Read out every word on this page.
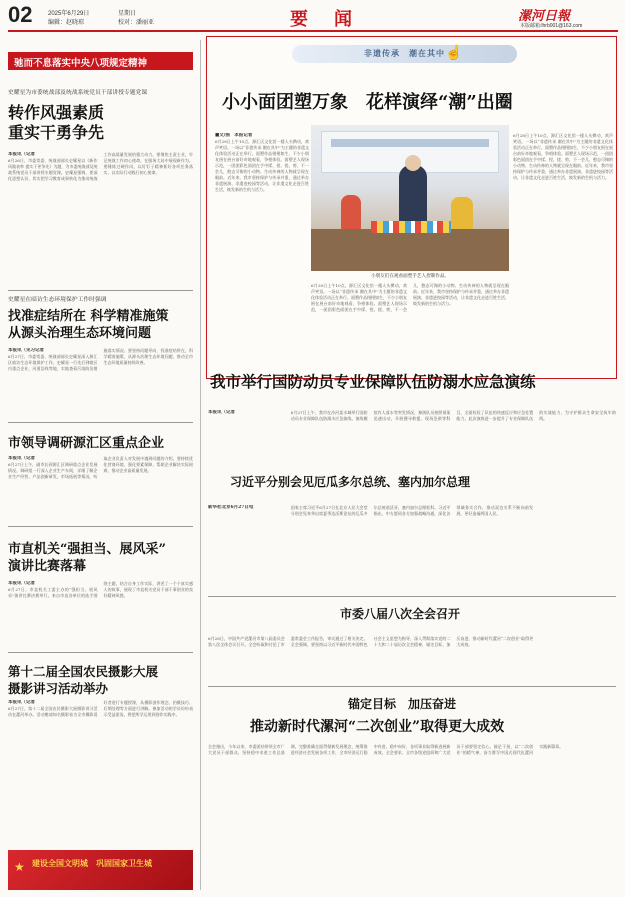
02	2025年6月29日	星期日
编辑：赵晓琼	校对：潘丽亚	要　闻	漯河日報
本版邮箱:lhrb001@163.com
驰而不息落实中央八项规定精神
史耀星为市委统战部及统战系统党员干部讲授专题党课
转作风强素质
重实干勇争先
本报讯（记者
6月26日，市委常委、统战部部长史耀星以《新作风做表率 提实干更争先》为题，为市委统战部及统战系统党员干部讲授专题党课。史耀星强调，要深化思想认识，切实把学习教育成果转化为推动统战工作高质量发展的强大动力。要聚焦主责主业，牢记统战工作初心使命，在服务大局中展现新作为。要锤炼过硬作风，以钉钉子精神抓好各项任务落实，以实际行动践行初心使命。
史耀星在暗访生态环境保护工作时强调
找准症结所在 科学精准施策
从源头治理生态环境问题
本报讯（见习记者
6月27日，市委常委、统战部部长史耀星深入源汇区暗访生态环境保护工作。史耀星一行先后到辖区内重点企业、河道沿线等地，实地查看污染防治措施落实情况。要坚持问题导向，找准症结所在，科学精准施策，从源头治理生态环境问题，推动全市生态环境质量持续改善。
市领导调研源汇区重点企业
本报讯（记者
6月27日上午，副市长到源汇区调研重点企业发展情况。调研组一行深入企业生产车间，详细了解企业生产经营、产品创新研发、市场拓展等情况，听取企业负责人对发展中遇到问题的介绍。要持续优化营商环境，强化要素保障，帮助企业解决实际困难，推动企业高质量发展。
市直机关“强担当、展风采”
演讲比赛落幕
本报讯（记者
6月27日，市直机关工委主办的“强担当、展风采”演讲比赛决赛举行。来自市直各单位的选手围绕主题，结合自身工作实际，讲述了一个个真实感人的故事，展现了市直机关党员干部干事创业的良好精神风貌。
第十二届全国农民摄影大展
摄影讲习活动举办
本报讯（记者
6月27日，第十二届全国农民摄影大展摄影讲习活动在漯河举办。活动邀请知名摄影家为全市摄影爱好者进行专题授课，从摄影创作理念、拍摄技巧、后期处理等方面进行讲解。参加活动的学员纷纷表示受益匪浅，将把所学运用到创作实践中。
建设全国文明城　巩固国家卫生城
★
非遗传承　潮在其中 ☝
小小面团塑万象　花样演绎“潮”出圈
■文/图　本报记者
6月28日上午10点，源汇区文化馆一楼人头攒动，欢声笑语。一场以“非遗传承 潮在其中”为主题的非遗文化体验活动正在举行。面塑作品栩栩如生，不少小朋友围在展台前好奇地观看，争相体验。面塑艺人现场示范，一团团彩色面团在手中揉、捏、搓、剪，不一会儿，憨态可掬的小动物、生动传神的人物就呈现在眼前。近年来，我市坚持保护与传承并重，通过举办非遗展演、非遗进校园等活动，让非遗文化走进百姓生活，焕发新的生机与活力。
小朋友们在观看面塑手艺人捏制作品。
6月28日上午10点，源汇区文化馆一楼人头攒动，欢声笑语。一场以“非遗传承 潮在其中”为主题的非遗文化体验活动正在举行。面塑作品栩栩如生，不少小朋友围在展台前好奇地观看，争相体验。面塑艺人现场示范，一团团彩色面团在手中揉、捏、搓、剪，不一会儿，憨态可掬的小动物、生动传神的人物就呈现在眼前。近年来，我市坚持保护与传承并重，通过举办非遗展演、非遗进校园等活动，让非遗文化走进百姓生活，焕发新的生机与活力。
6月28日上午10点，源汇区文化馆一楼人头攒动，欢声笑语。一场以“非遗传承 潮在其中”为主题的非遗文化体验活动正在举行。面塑作品栩栩如生，不少小朋友围在展台前好奇地观看，争相体验。面塑艺人现场示范，一团团彩色面团在手中揉、捏、搓、剪，不一会儿，憨态可掬的小动物、生动传神的人物就呈现在眼前。近年来，我市坚持保护与传承并重，通过举办非遗展演、非遗进校园等活动，让非遗文化走进百姓生活，焕发新的生机与活力。
我市举行国防动员专业保障队伍防溺水应急演练
本报讯（记者	6月27日上午，我市在沙河某水域举行国防动员专业保障队伍防溺水应急演练。演练模拟有人落水等突发情况，参演队员按照预案迅速出动，开展搜寻救援、现场急救等科目，全面检验了队伍的快速反应和应急处置能力。此次演练进一步提升了专业保障队伍的实战能力，为守护群众生命安全筑牢防线。
习近平分别会见厄瓜多尔总统、塞内加尔总理
新华社北京6月27日电	国家主席习近平6月27日在北京人民大会堂分别会见来华出席夏季达沃斯论坛的厄瓜多尔总统诺沃亚、塞内加尔总理松科。习近平指出，中方愿同各方加强战略沟通，深化各领域务实合作，推动双边关系不断向前发展，更好造福两国人民。
市委八届八次全会召开
6月28日，中国共产党漯河市第八届委员会第八次全体会议召开。全会听取和讨论了市委常委会工作报告，审议通过了相关决定。全会强调，要坚持以习近平新时代中国特色社会主义思想为指导，深入贯彻落实党的二十大和二十届历次全会精神，锚定目标，加压奋进，推动新时代漯河“二次创业”取得更大成效。
锚定目标　加压奋进
推动新时代漯河“二次创业”取得更大成效
全会指出，今年以来，市委团结带领全市广大党员干部群众，坚持稳中求进工作总基调，完整准确全面贯彻新发展理念，统筹推进经济社会发展各项工作，全市经济运行稳中有进、稳中向好，各项事业取得新进展新成效。全会要求，全市各级党组织和广大党员干部要坚定信心、鼓足干劲，以“二次创业”的精气神，奋力谱写中国式现代化漯河实践新篇章。
